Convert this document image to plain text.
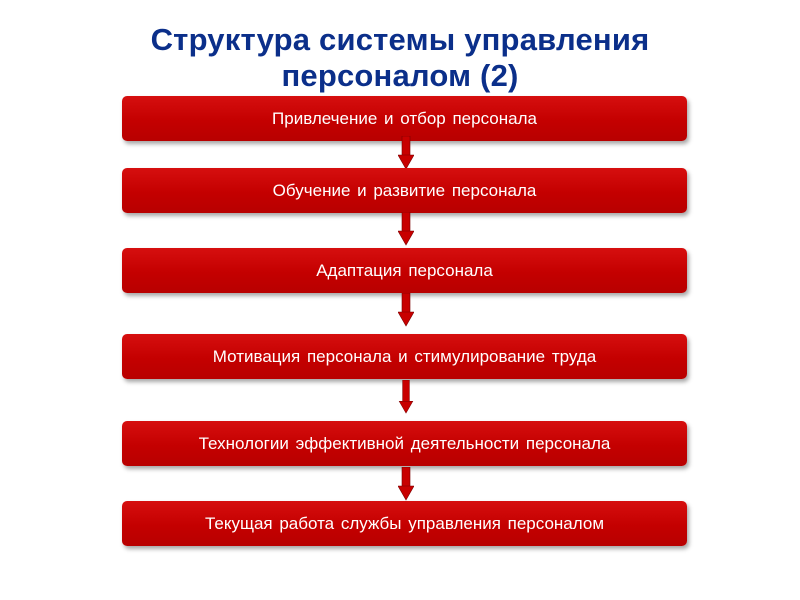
Структура системы управления
персоналом (2)
Привлечение и отбор персонала
Обучение и развитие персонала
Адаптация персонала
Мотивация персонала и стимулирование труда
Технологии эффективной деятельности персонала
Текущая работа службы управления персоналом
